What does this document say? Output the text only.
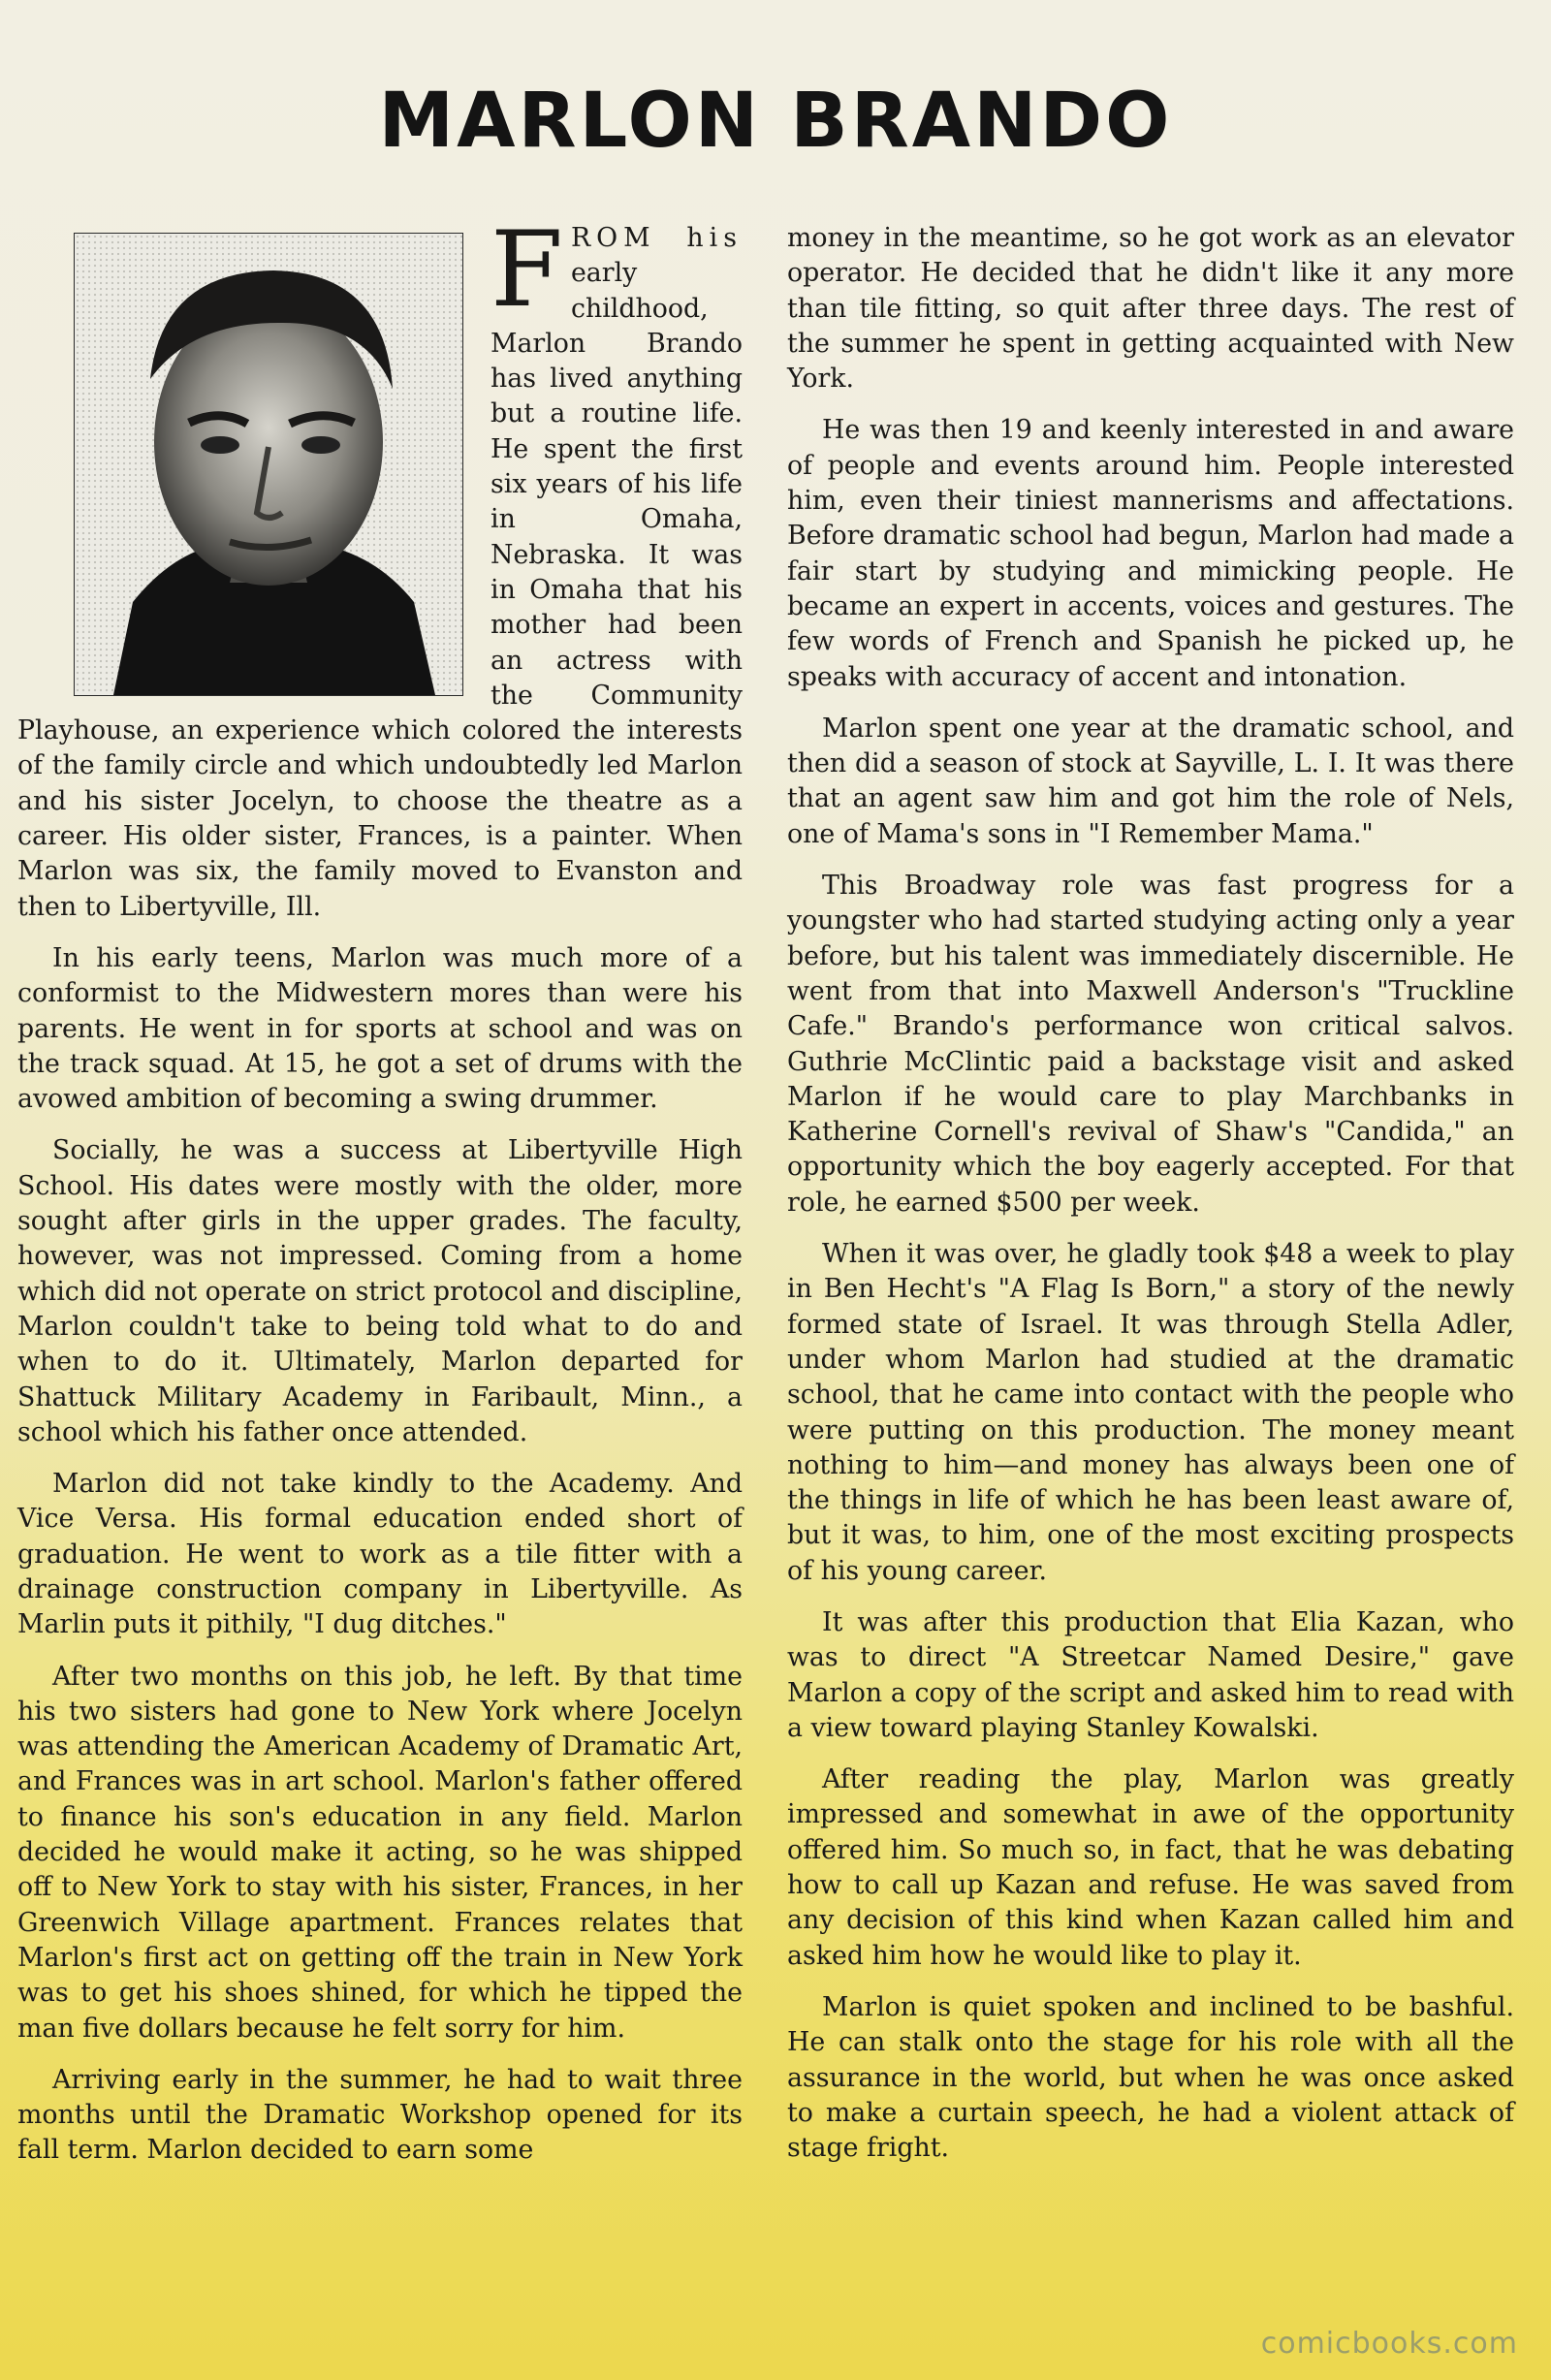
MARLON BRANDO

FROM his early childhood, Marlon Brando has lived anything but a routine life. He spent the first six years of his life in Omaha, Nebraska. It was in Omaha that his mother had been an actress with the Community Playhouse, an experience which colored the interests of the family circle and which undoubtedly led Marlon and his sister Jocelyn, to choose the theatre as a career. His older sister, Frances, is a painter. When Marlon was six, the family moved to Evanston and then to Libertyville, Ill.

In his early teens, Marlon was much more of a conformist to the Midwestern mores than were his parents. He went in for sports at school and was on the track squad. At 15, he got a set of drums with the avowed ambition of becoming a swing drummer.

Socially, he was a success at Libertyville High School. His dates were mostly with the older, more sought after girls in the upper grades. The faculty, however, was not impressed. Coming from a home which did not operate on strict protocol and discipline, Marlon couldn't take to being told what to do and when to do it. Ultimately, Marlon departed for Shattuck Military Academy in Faribault, Minn., a school which his father once attended.

Marlon did not take kindly to the Academy. And Vice Versa. His formal education ended short of graduation. He went to work as a tile fitter with a drainage construction company in Libertyville. As Marlin puts it pithily, "I dug ditches."

After two months on this job, he left. By that time his two sisters had gone to New York where Jocelyn was attending the American Academy of Dramatic Art, and Frances was in art school. Marlon's father offered to finance his son's education in any field. Marlon decided he would make it acting, so he was shipped off to New York to stay with his sister, Frances, in her Greenwich Village apartment. Frances relates that Marlon's first act on getting off the train in New York was to get his shoes shined, for which he tipped the man five dollars because he felt sorry for him.

Arriving early in the summer, he had to wait three months until the Dramatic Workshop opened for its fall term. Marlon decided to earn some

money in the meantime, so he got work as an elevator operator. He decided that he didn't like it any more than tile fitting, so quit after three days. The rest of the summer he spent in getting acquainted with New York.

He was then 19 and keenly interested in and aware of people and events around him. People interested him, even their tiniest mannerisms and affectations. Before dramatic school had begun, Marlon had made a fair start by studying and mimicking people. He became an expert in accents, voices and gestures. The few words of French and Spanish he picked up, he speaks with accuracy of accent and intonation.

Marlon spent one year at the dramatic school, and then did a season of stock at Sayville, L. I. It was there that an agent saw him and got him the role of Nels, one of Mama's sons in "I Remember Mama."

This Broadway role was fast progress for a youngster who had started studying acting only a year before, but his talent was immediately discernible. He went from that into Maxwell Anderson's "Truckline Cafe." Brando's performance won critical salvos. Guthrie McClintic paid a backstage visit and asked Marlon if he would care to play Marchbanks in Katherine Cornell's revival of Shaw's "Candida," an opportunity which the boy eagerly accepted. For that role, he earned $500 per week.

When it was over, he gladly took $48 a week to play in Ben Hecht's "A Flag Is Born," a story of the newly formed state of Israel. It was through Stella Adler, under whom Marlon had studied at the dramatic school, that he came into contact with the people who were putting on this production. The money meant nothing to him—and money has always been one of the things in life of which he has been least aware of, but it was, to him, one of the most exciting prospects of his young career.

It was after this production that Elia Kazan, who was to direct "A Streetcar Named Desire," gave Marlon a copy of the script and asked him to read with a view toward playing Stanley Kowalski.

After reading the play, Marlon was greatly impressed and somewhat in awe of the opportunity offered him. So much so, in fact, that he was debating how to call up Kazan and refuse. He was saved from any decision of this kind when Kazan called him and asked him how he would like to play it.

Marlon is quiet spoken and inclined to be bashful. He can stalk onto the stage for his role with all the assurance in the world, but when he was once asked to make a curtain speech, he had a violent attack of stage fright.

comicbooks.com
